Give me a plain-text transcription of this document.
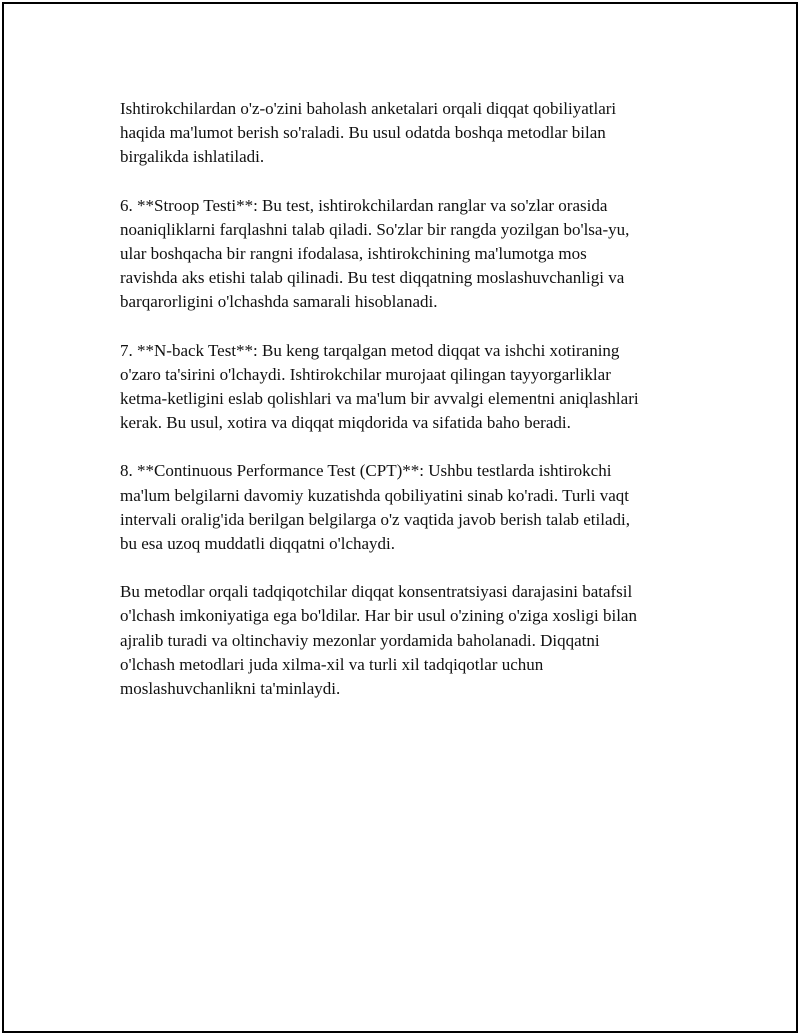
Ishtirokchilardan o'z-o'zini baholash anketalari orqali diqqat qobiliyatlari
haqida ma'lumot berish so'raladi. Bu usul odatda boshqa metodlar bilan
birgalikda ishlatiladi.

6. **Stroop Testi**: Bu test, ishtirokchilardan ranglar va so'zlar orasida
noaniqliklarni farqlashni talab qiladi. So'zlar bir rangda yozilgan bo'lsa-yu,
ular boshqacha bir rangni ifodalasa, ishtirokchining ma'lumotga mos
ravishda aks etishi talab qilinadi. Bu test diqqatning moslashuvchanligi va
barqarorligini o'lchashda samarali hisoblanadi.

7. **N-back Test**: Bu keng tarqalgan metod diqqat va ishchi xotiraning
o'zaro ta'sirini o'lchaydi. Ishtirokchilar murojaat qilingan tayyorgarliklar
ketma-ketligini eslab qolishlari va ma'lum bir avvalgi elementni aniqlashlari
kerak. Bu usul, xotira va diqqat miqdorida va sifatida baho beradi.

8. **Continuous Performance Test (CPT)**: Ushbu testlarda ishtirokchi
ma'lum belgilarni davomiy kuzatishda qobiliyatini sinab ko'radi. Turli vaqt
intervali oralig'ida berilgan belgilarga o'z vaqtida javob berish talab etiladi,
bu esa uzoq muddatli diqqatni o'lchaydi.

Bu metodlar orqali tadqiqotchilar diqqat konsentratsiyasi darajasini batafsil
o'lchash imkoniyatiga ega bo'ldilar. Har bir usul o'zining o'ziga xosligi bilan
ajralib turadi va oltinchaviy mezonlar yordamida baholanadi. Diqqatni
o'lchash metodlari juda xilma-xil va turli xil tadqiqotlar uchun
moslashuvchanlikni ta'minlaydi.
